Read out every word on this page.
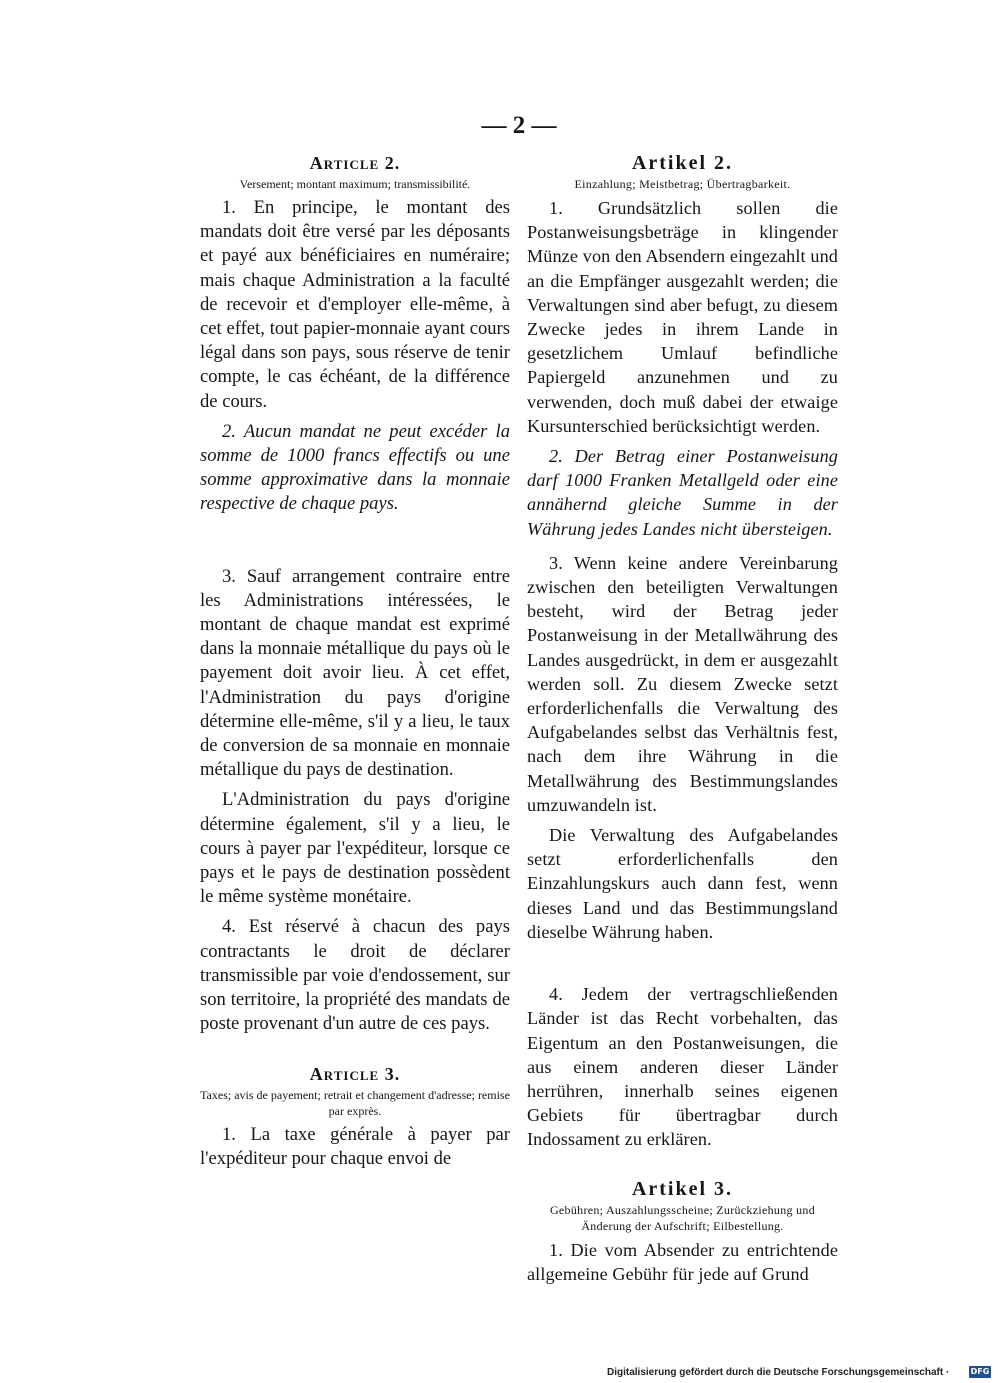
— 2 —
Article 2.
Versement; montant maximum; transmissibilité.

1. En principe, le montant des mandats doit être versé par les déposants et payé aux bénéficiaires en numéraire; mais chaque Administration a la faculté de recevoir et d'employer elle-même, à cet effet, tout papier-monnaie ayant cours légal dans son pays, sous réserve de tenir compte, le cas échéant, de la différence de cours.

2. Aucun mandat ne peut excéder la somme de 1000 francs effectifs ou une somme approximative dans la monnaie respective de chaque pays.

3. Sauf arrangement contraire entre les Administrations intéressées, le montant de chaque mandat est exprimé dans la monnaie métallique du pays où le payement doit avoir lieu. À cet effet, l'Administration du pays d'origine détermine elle-même, s'il y a lieu, le taux de conversion de sa monnaie en monnaie métallique du pays de destination.

L'Administration du pays d'origine détermine également, s'il y a lieu, le cours à payer par l'expéditeur, lorsque ce pays et le pays de destination possèdent le même système monétaire.

4. Est réservé à chacun des pays contractants le droit de déclarer transmissible par voie d'endossement, sur son territoire, la propriété des mandats de poste provenant d'un autre de ces pays.

Article 3.
Taxes; avis de payement; retrait et changement d'adresse; remise par exprès.

1. La taxe générale à payer par l'expéditeur pour chaque envoi de

Artikel 2.
Einzahlung; Meistbetrag; Übertragbarkeit.

1. Grundsätzlich sollen die Postanweisungsbeträge in klingender Münze von den Absendern eingezahlt und an die Empfänger ausgezahlt werden; die Verwaltungen sind aber befugt, zu diesem Zwecke jedes in ihrem Lande in gesetzlichem Umlauf befindliche Papiergeld anzunehmen und zu verwenden, doch muß dabei der etwaige Kursunterschied berücksichtigt werden.

2. Der Betrag einer Postanweisung darf 1000 Franken Metallgeld oder eine annähernd gleiche Summe in der Währung jedes Landes nicht übersteigen.

3. Wenn keine andere Vereinbarung zwischen den beteiligten Verwaltungen besteht, wird der Betrag jeder Postanweisung in der Metallwährung des Landes ausgedrückt, in dem er ausgezahlt werden soll. Zu diesem Zwecke setzt erforderlichenfalls die Verwaltung des Aufgabelandes selbst das Verhältnis fest, nach dem ihre Währung in die Metallwährung des Bestimmungslandes umzuwandeln ist.

Die Verwaltung des Aufgabelandes setzt erforderlichenfalls den Einzahlungskurs auch dann fest, wenn dieses Land und das Bestimmungsland dieselbe Währung haben.

4. Jedem der vertragschließenden Länder ist das Recht vorbehalten, das Eigentum an den Postanweisungen, die aus einem anderen dieser Länder herrühren, innerhalb seines eigenen Gebiets für übertragbar durch Indossament zu erklären.

Artikel 3.
Gebühren; Auszahlungsscheine; Zurückziehung und Änderung der Aufschrift; Eilbestellung.

1. Die vom Absender zu entrichtende allgemeine Gebühr für jede auf Grund

Digitalisierung gefördert durch die Deutsche Forschungsgemeinschaft ·	DFG
